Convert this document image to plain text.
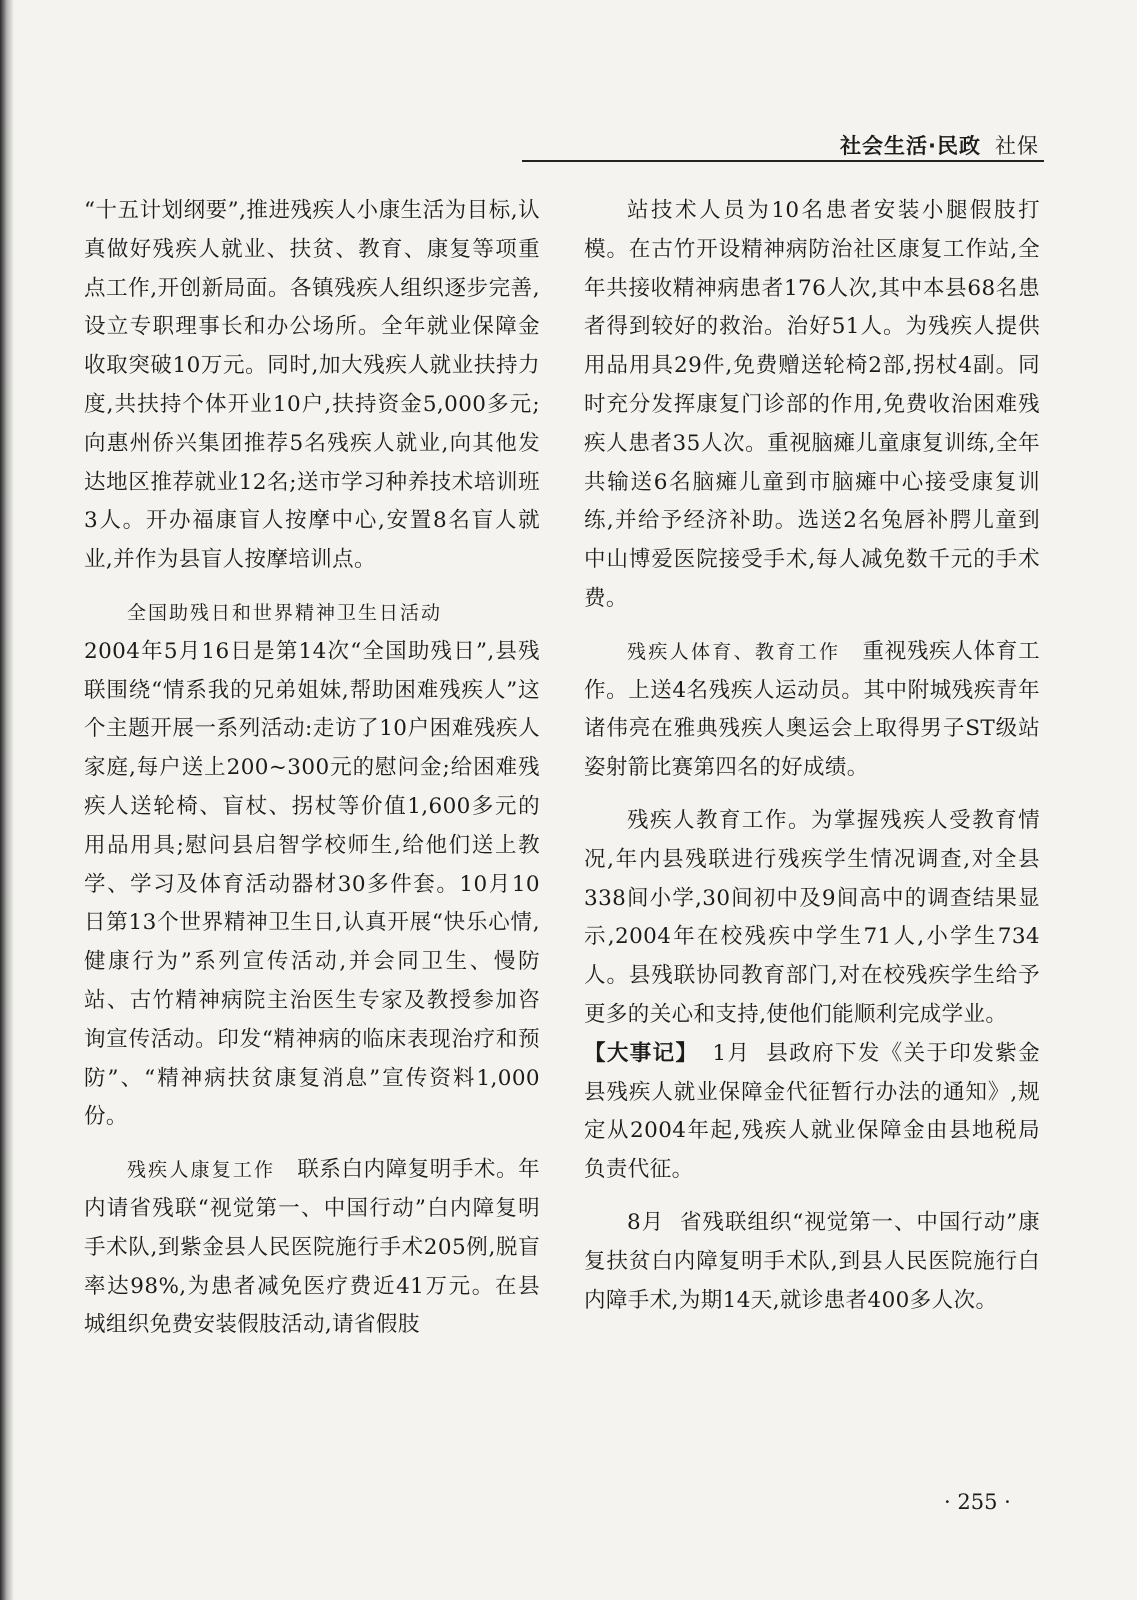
社会生活·民政 社保

“十五计划纲要”,推进残疾人小康生活为目标,认真做好残疾人就业、扶贫、教育、康复等项重点工作,开创新局面。各镇残疾人组织逐步完善,设立专职理事长和办公场所。全年就业保障金收取突破10万元。同时,加大残疾人就业扶持力度,共扶持个体开业10户,扶持资金5,000多元;向惠州侨兴集团推荐5名残疾人就业,向其他发达地区推荐就业12名;送市学习种养技术培训班3人。开办福康盲人按摩中心,安置8名盲人就业,并作为县盲人按摩培训点。

全国助残日和世界精神卫生日活动
2004年5月16日是第14次“全国助残日”,县残联围绕“情系我的兄弟姐妹,帮助困难残疾人”这个主题开展一系列活动:走访了10户困难残疾人家庭,每户送上200~300元的慰问金;给困难残疾人送轮椅、盲杖、拐杖等价值1,600多元的用品用具;慰问县启智学校师生,给他们送上教学、学习及体育活动器材30多件套。10月10日第13个世界精神卫生日,认真开展“快乐心情,健康行为”系列宣传活动,并会同卫生、慢防站、古竹精神病院主治医生专家及教授参加咨询宣传活动。印发“精神病的临床表现治疗和预防”、“精神病扶贫康复消息”宣传资料1,000份。

残疾人康复工作　 联系白内障复明手术。年内请省残联“视觉第一、中国行动”白内障复明手术队,到紫金县人民医院施行手术205例,脱盲率达98%,为患者减免医疗费近41万元。在县城组织免费安装假肢活动,请省假肢

站技术人员为10名患者安装小腿假肢打模。在古竹开设精神病防治社区康复工作站,全年共接收精神病患者176人次,其中本县68名患者得到较好的救治。治好51人。为残疾人提供用品用具29件,免费赠送轮椅2部,拐杖4副。同时充分发挥康复门诊部的作用,免费收治困难残疾人患者35人次。重视脑瘫儿童康复训练,全年共输送6名脑瘫儿童到市脑瘫中心接受康复训练,并给予经济补助。选送2名兔唇补腭儿童到中山博爱医院接受手术,每人减免数千元的手术费。

残疾人体育、教育工作　 重视残疾人体育工作。上送4名残疾人运动员。其中附城残疾青年诸伟亮在雅典残疾人奥运会上取得男子ST级站姿射箭比赛第四名的好成绩。

残疾人教育工作。为掌握残疾人受教育情况,年内县残联进行残疾学生情况调查,对全县338间小学,30间初中及9间高中的调查结果显示,2004年在校残疾中学生71人,小学生734人。县残联协同教育部门,对在校残疾学生给予更多的关心和支持,使他们能顺利完成学业。

【大事记】 1月 县政府下发《关于印发紫金县残疾人就业保障金代征暂行办法的通知》,规定从2004年起,残疾人就业保障金由县地税局负责代征。

8月 省残联组织“视觉第一、中国行动”康复扶贫白内障复明手术队,到县人民医院施行白内障手术,为期14天,就诊患者400多人次。

· 255 ·
